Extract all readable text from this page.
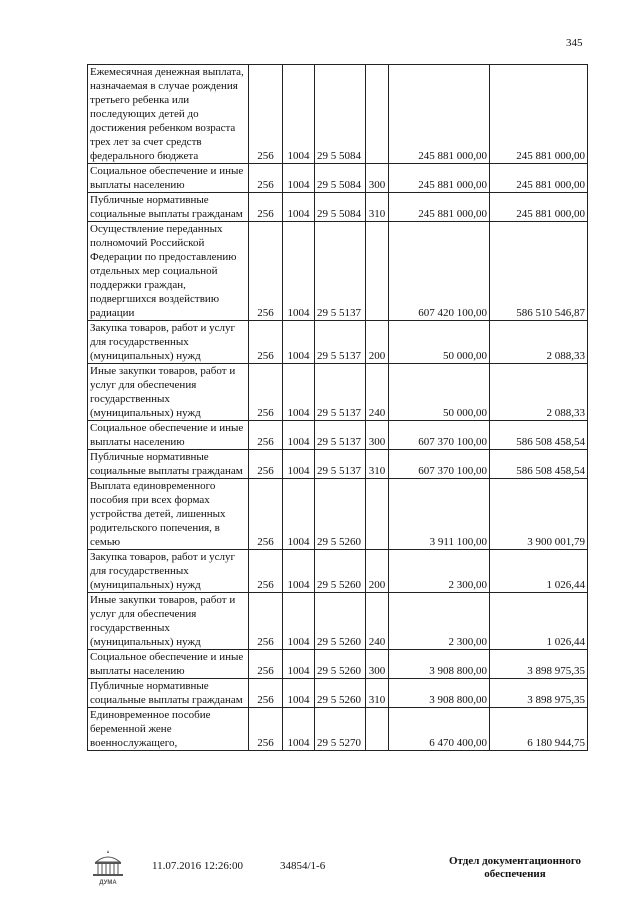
345
Ежемесячная денежная выплата, назначаемая в случае рождения третьего ребенка или последующих детей до достижения ребенком возраста трех лет за счет средств федерального бюджета	256	1004	29 5 5084		245 881 000,00	245 881 000,00
Социальное обеспечение и иные выплаты населению	256	1004	29 5 5084	300	245 881 000,00	245 881 000,00
Публичные нормативные социальные выплаты гражданам	256	1004	29 5 5084	310	245 881 000,00	245 881 000,00
Осуществление переданных полномочий Российской Федерации по предоставлению отдельных мер социальной поддержки граждан, подвергшихся воздействию радиации	256	1004	29 5 5137		607 420 100,00	586 510 546,87
Закупка товаров, работ и услуг для государственных (муниципальных) нужд	256	1004	29 5 5137	200	50 000,00	2 088,33
Иные закупки товаров, работ и услуг для обеспечения государственных (муниципальных) нужд	256	1004	29 5 5137	240	50 000,00	2 088,33
Социальное обеспечение и иные выплаты населению	256	1004	29 5 5137	300	607 370 100,00	586 508 458,54
Публичные нормативные социальные выплаты гражданам	256	1004	29 5 5137	310	607 370 100,00	586 508 458,54
Выплата единовременного пособия при всех формах устройства детей, лишенных родительского попечения, в семью	256	1004	29 5 5260		3 911 100,00	3 900 001,79
Закупка товаров, работ и услуг для государственных (муниципальных) нужд	256	1004	29 5 5260	200	2 300,00	1 026,44
Иные закупки товаров, работ и услуг для обеспечения государственных (муниципальных) нужд	256	1004	29 5 5260	240	2 300,00	1 026,44
Социальное обеспечение и иные выплаты населению	256	1004	29 5 5260	300	3 908 800,00	3 898 975,35
Публичные нормативные социальные выплаты гражданам	256	1004	29 5 5260	310	3 908 800,00	3 898 975,35
Единовременное пособие беременной жене военнослужащего,	256	1004	29 5 5270		6 470 400,00	6 180 944,75
ДУМА
11.07.2016 12:26:00	34854/1-6	Отдел документационного обеспечения
